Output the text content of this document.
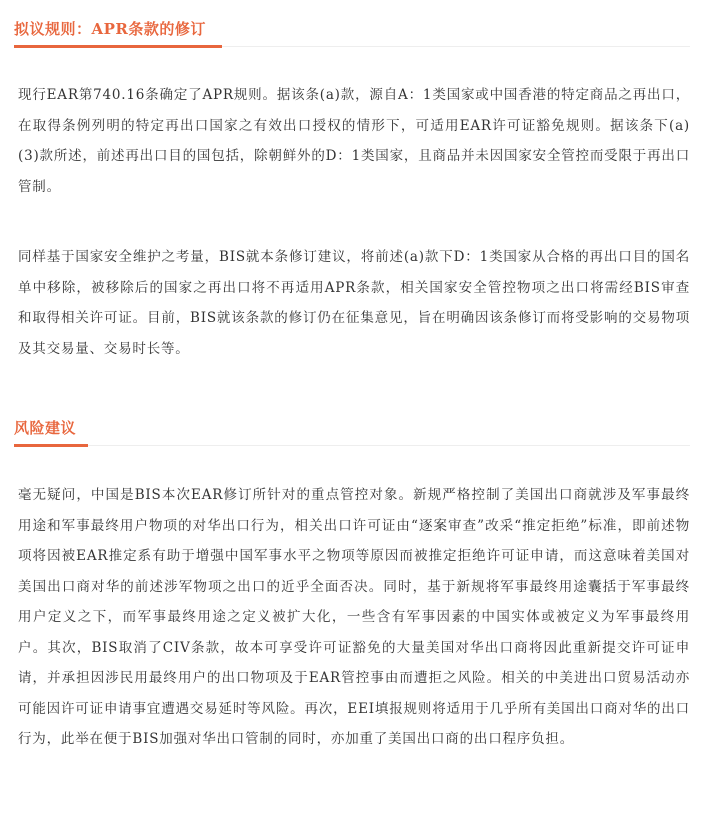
拟议规则：APR条款的修订

现行EAR第740.16条确定了APR规则。据该条(a)款，源自A：1类国家或中国香港的特定商品之再出口，在取得条例列明的特定再出口国家之有效出口授权的情形下，可适用EAR许可证豁免规则。据该条下(a)(3)款所述，前述再出口目的国包括，除朝鲜外的D：1类国家，且商品并未因国家安全管控而受限于再出口管制。

同样基于国家安全维护之考量，BIS就本条修订建议，将前述(a)款下D：1类国家从合格的再出口目的国名单中移除，被移除后的国家之再出口将不再适用APR条款，相关国家安全管控物项之出口将需经BIS审查和取得相关许可证。目前，BIS就该条款的修订仍在征集意见，旨在明确因该条修订而将受影响的交易物项及其交易量、交易时长等。

风险建议

毫无疑问，中国是BIS本次EAR修订所针对的重点管控对象。新规严格控制了美国出口商就涉及军事最终用途和军事最终用户物项的对华出口行为，相关出口许可证由“逐案审查”改采“推定拒绝”标准，即前述物项将因被EAR推定系有助于增强中国军事水平之物项等原因而被推定拒绝许可证申请，而这意味着美国对美国出口商对华的前述涉军物项之出口的近乎全面否决。同时，基于新规将军事最终用途囊括于军事最终用户定义之下，而军事最终用途之定义被扩大化，一些含有军事因素的中国实体或被定义为军事最终用户。其次，BIS取消了CIV条款，故本可享受许可证豁免的大量美国对华出口商将因此重新提交许可证申请，并承担因涉民用最终用户的出口物项及于EAR管控事由而遭拒之风险。相关的中美进出口贸易活动亦可能因许可证申请事宜遭遇交易延时等风险。再次，EEI填报规则将适用于几乎所有美国出口商对华的出口行为，此举在便于BIS加强对华出口管制的同时，亦加重了美国出口商的出口程序负担。
